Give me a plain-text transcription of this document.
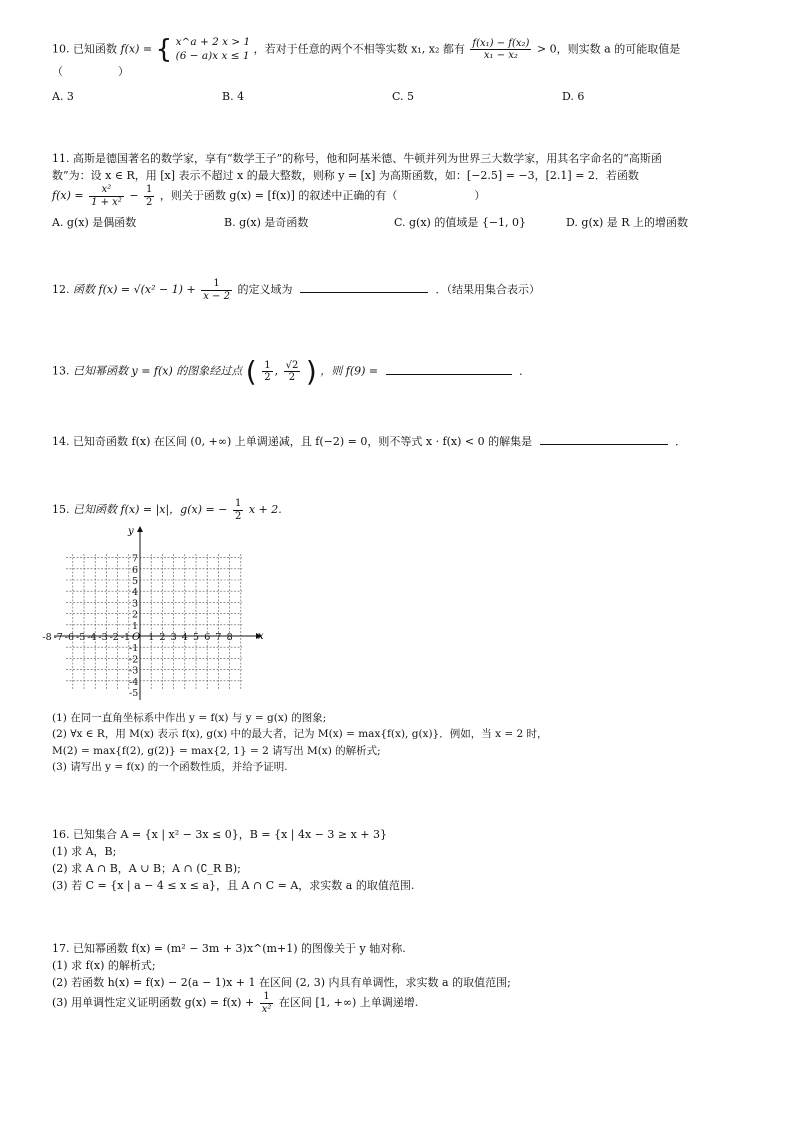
10. 已知函数 f(x) = { x^a + 2 x > 1
(6 − a)x x ≤ 1 ，若对于任意的两个不相等实数 x₁, x₂ 都有 $\frac{\text{f(x₁) − f(x₂)}}{\text{x₁ − x₂}} > 0$，则实数 a 的可能取值是
（　　　　　）
A. 3	B. 4	C. 5	D. 6
11. 高斯是德国著名的数学家，享有“数学王子”的称号，他和阿基米德、牛顿并列为世界三大数学家，用其名字命名的“高斯函
数”为：设 x ∈ R，用 [x] 表示不超过 x 的最大整数，则称 y = [x] 为高斯函数，如：[−2.5] = −3，[2.1] = 2．若函数
$f(x) = \frac{\text{x²}}{\text{1 + x²}} - \frac{1}{2}$ ，则关于函数 g(x) = [f(x)] 的叙述中正确的有（　　　　　　　）
A. g(x) 是偶函数	B. g(x) 是奇函数	C. g(x) 的值域是 {−1, 0}	D. g(x) 是 R 上的增函数
12. 函数 $f(x) = √(x^2 - 1) + \frac{1}{x - 2}$ 的定义域为	．（结果用集合表示）
13. 已知幂函数 y = f(x) 的图象经过点 ( $\frac{1}{2}$ , $\frac{√2}{2}$ ) ，则 f(9) =	．
14. 已知奇函数 f(x) 在区间 (0, +∞) 上单调递减，且 f(−2) = 0，则不等式 x · f(x) < 0 的解集是	．
15. 已知函数 f(x) = |x|，g(x) = − $\frac{1}{2}$ x + 2.
x
y
O
-8 -7 -6 -5 -4 -3 -2 -1 1 2 3 4 5 6 7 8
7
6
5
4
3
2
1
-1
-2
-3
-4
-5
(1) 在同一直角坐标系中作出 y = f(x) 与 y = g(x) 的图象;
(2) ∀x ∈ R，用 M(x) 表示 f(x), g(x) 中的最大者，记为 M(x) = max{f(x), g(x)}．例如，当 x = 2 时，
M(2) = max{f(2), g(2)} = max{2, 1} = 2 请写出 M(x) 的解析式;
(3) 请写出 y = f(x) 的一个函数性质，并给予证明.
16. 已知集合 A = {x | x² − 3x ≤ 0}，B = {x | 4x − 3 ≥ x + 3}
(1) 求 A，B;
(2) 求 A ∩ B，A ∪ B；A ∩ (∁_R B);
(3) 若 C = {x | a − 4 ≤ x ≤ a}，且 A ∩ C = A，求实数 a 的取值范围.
17. 已知幂函数 f(x) = (m² − 3m + 3)x^(m+1) 的图像关于 y 轴对称.
(1) 求 f(x) 的解析式;
(2) 若函数 h(x) = f(x) − 2(a − 1)x + 1 在区间 (2, 3) 内具有单调性，求实数 a 的取值范围;
(3) 用单调性定义证明函数 $g(x) = f(x) + \frac{1}{\text{x²}}$ 在区间 [1, +∞) 上单调递增.
